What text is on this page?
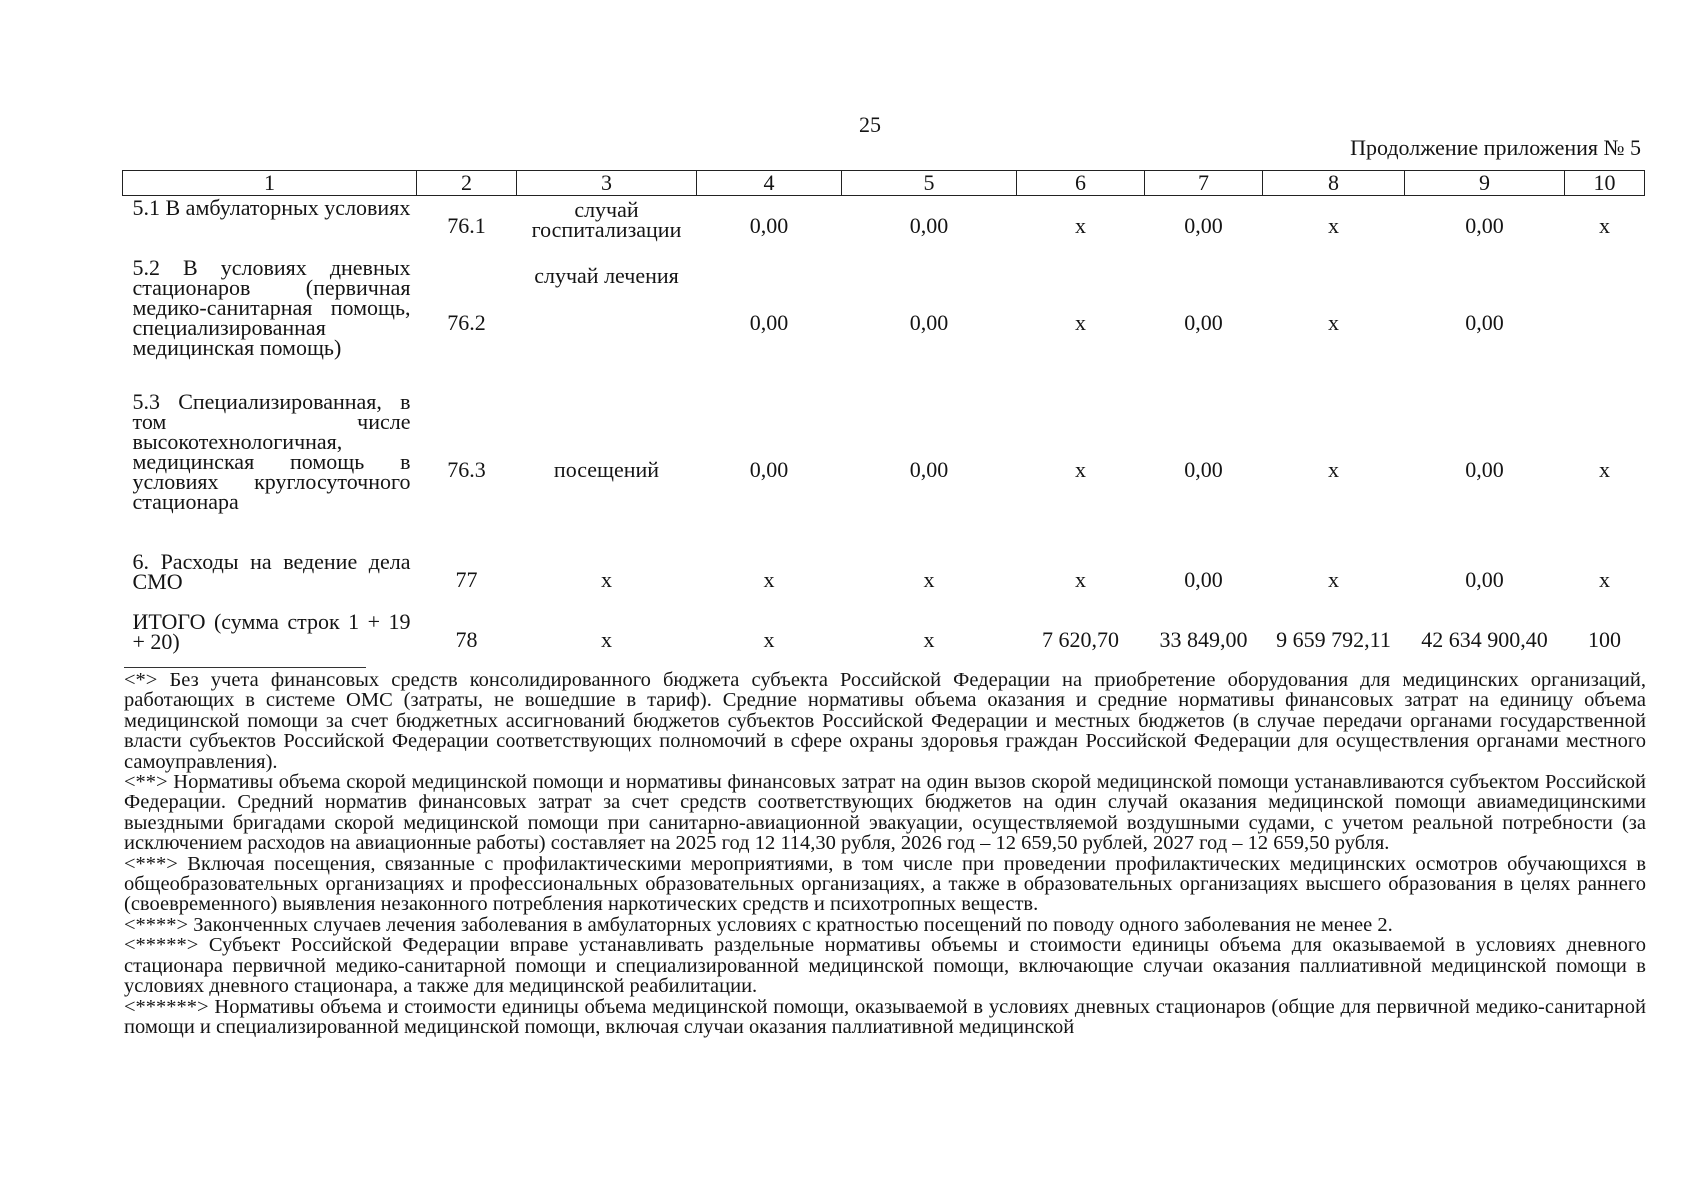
25
Продолжение приложения № 5
1	2	3	4	5	6	7	8	9	10
5.1 В амбулаторных условиях	76.1	случай госпитализации	0,00	0,00	х	0,00	х	0,00	х
5.2 В условиях дневных стационаров (первичная медико-санитарная помощь, специализированная медицинская помощь)	76.2	случай лечения	0,00	0,00	х	0,00	х	0,00	
5.3 Специализированная, в том числе высокотехнологичная, медицинская помощь в условиях круглосуточного стационара	76.3	посещений	0,00	0,00	х	0,00	х	0,00	х
6. Расходы на ведение дела СМО	77	х	х	х	х	0,00	х	0,00	х
ИТОГО (сумма строк 1 + 19 + 20)	78	х	х	х	7 620,70	33 849,00	9 659 792,11	42 634 900,40	100

<*> Без учета финансовых средств консолидированного бюджета субъекта Российской Федерации на приобретение оборудования для медицинских организаций, работающих в системе ОМС (затраты, не вошедшие в тариф). Средние нормативы объема оказания и средние нормативы финансовых затрат на единицу объема медицинской помощи за счет бюджетных ассигнований бюджетов субъектов Российской Федерации и местных бюджетов (в случае передачи органами государственной власти субъектов Российской Федерации соответствующих полномочий в сфере охраны здоровья граждан Российской Федерации для осуществления органами местного самоуправления).

<**> Нормативы объема скорой медицинской помощи и нормативы финансовых затрат на один вызов скорой медицинской помощи устанавливаются субъектом Российской Федерации. Средний норматив финансовых затрат за счет средств соответствующих бюджетов на один случай оказания медицинской помощи авиамедицинскими выездными бригадами скорой медицинской помощи при санитарно-авиационной эвакуации, осуществляемой воздушными судами, с учетом реальной потребности (за исключением расходов на авиационные работы) составляет на 2025 год 12 114,30 рубля, 2026 год – 12 659,50 рублей, 2027 год – 12 659,50 рубля.

<***> Включая посещения, связанные с профилактическими мероприятиями, в том числе при проведении профилактических медицинских осмотров обучающихся в общеобразовательных организациях и профессиональных образовательных организациях, а также в образовательных организациях высшего образования в целях раннего (своевременного) выявления незаконного потребления наркотических средств и психотропных веществ.

<****> Законченных случаев лечения заболевания в амбулаторных условиях с кратностью посещений по поводу одного заболевания не менее 2.

<*****> Субъект Российской Федерации вправе устанавливать раздельные нормативы объемы и стоимости единицы объема для оказываемой в условиях дневного стационара первичной медико-санитарной помощи и специализированной медицинской помощи, включающие случаи оказания паллиативной медицинской помощи в условиях дневного стационара, а также для медицинской реабилитации.

<******> Нормативы объема и стоимости единицы объема медицинской помощи, оказываемой в условиях дневных стационаров (общие для первичной медико-санитарной помощи и специализированной медицинской помощи, включая случаи оказания паллиативной медицинской
